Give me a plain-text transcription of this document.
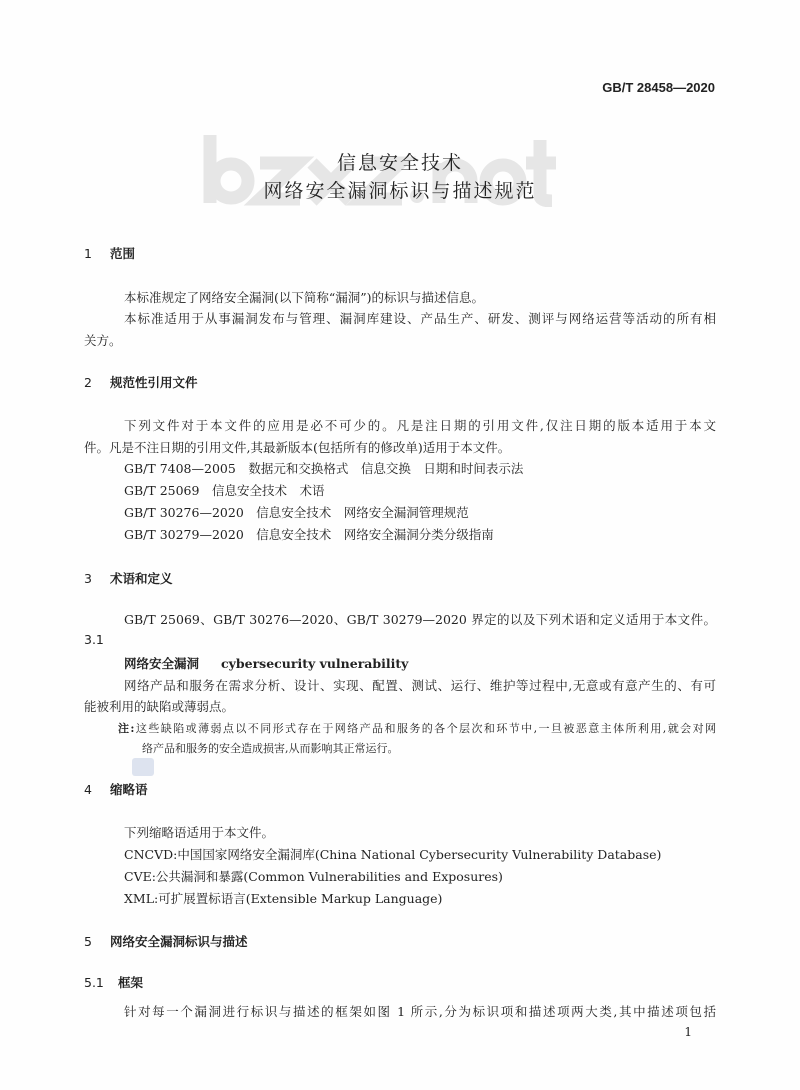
GB/T 28458—2020
信息安全技术
网络安全漏洞标识与描述规范
1 范围
本标准规定了网络安全漏洞(以下简称“漏洞”)的标识与描述信息。
本标准适用于从事漏洞发布与管理、漏洞库建设、产品生产、研发、测评与网络运营等活动的所有相
关方。
2 规范性引用文件
下列文件对于本文件的应用是必不可少的。凡是注日期的引用文件,仅注日期的版本适用于本文
件。凡是不注日期的引用文件,其最新版本(包括所有的修改单)适用于本文件。
GB/T 7408—2005　 数据元和交换格式　信息交换　日期和时间表示法
GB/T 25069　 信息安全技术　术语
GB/T 30276—2020　 信息安全技术　网络安全漏洞管理规范
GB/T 30279—2020　 信息安全技术　网络安全漏洞分类分级指南
3 术语和定义
GB/T 25069、GB/T 30276—2020、GB/T 30279—2020 界定的以及下列术语和定义适用于本文件。
3.1
网络安全漏洞 cybersecurity vulnerability
网络产品和服务在需求分析、设计、实现、配置、测试、运行、维护等过程中,无意或有意产生的、有可
能被利用的缺陷或薄弱点。
注:这些缺陷或薄弱点以不同形式存在于网络产品和服务的各个层次和环节中,一旦被恶意主体所利用,就会对网
络产品和服务的安全造成损害,从而影响其正常运行。
4 缩略语
下列缩略语适用于本文件。
CNCVD:中国国家网络安全漏洞库(China National Cybersecurity Vulnerability Database)
CVE:公共漏洞和暴露(Common Vulnerabilities and Exposures)
XML:可扩展置标语言(Extensible Markup Language)
5 网络安全漏洞标识与描述
5.1 框架
针对每一个漏洞进行标识与描述的框架如图 1 所示,分为标识项和描述项两大类,其中描述项包括
1
